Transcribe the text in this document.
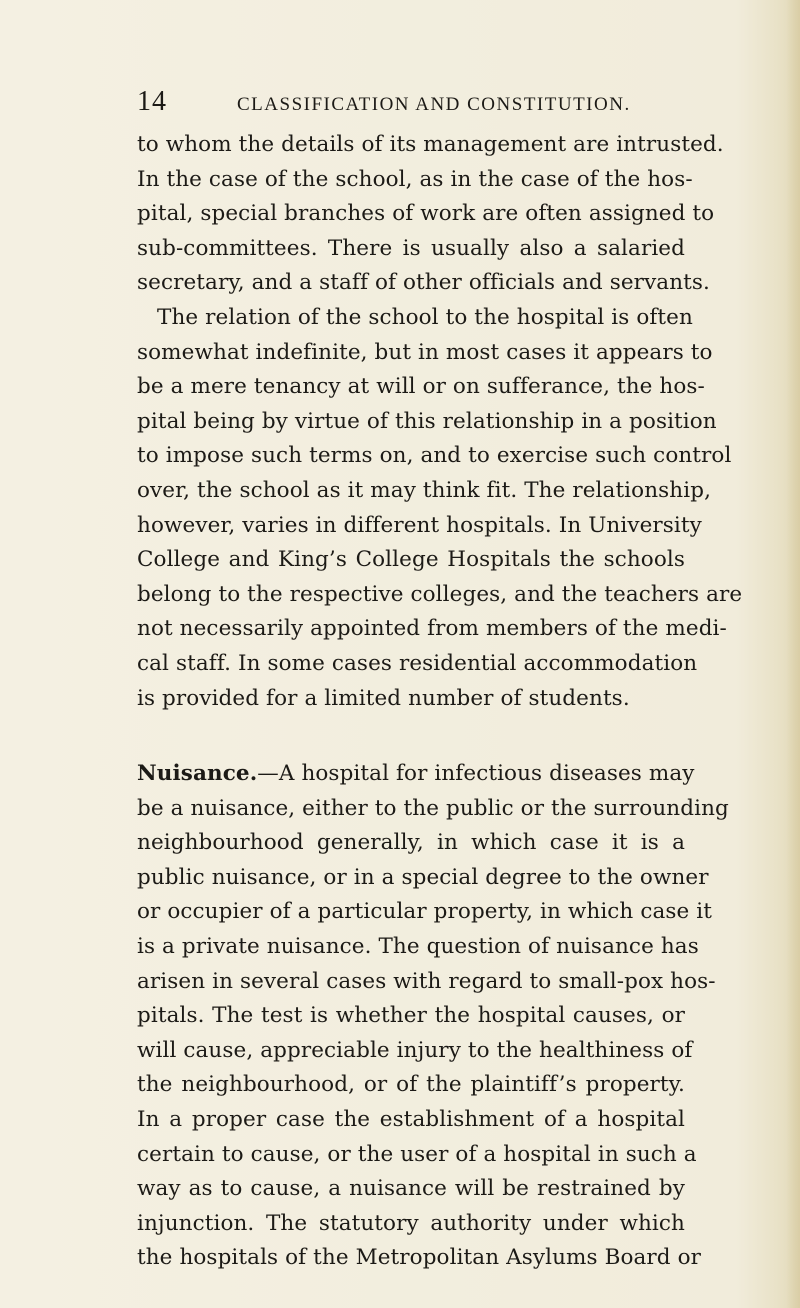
14	CLASSIFICATION AND CONSTITUTION.
to whom the details of its management are intrusted.
In the case of the school, as in the case of the hos-
pital, special branches of work are often assigned to
sub-committees. There is usually also a salaried
secretary, and a staff of other officials and servants.
The relation of the school to the hospital is often
somewhat indefinite, but in most cases it appears to
be a mere tenancy at will or on sufferance, the hos-
pital being by virtue of this relationship in a position
to impose such terms on, and to exercise such control
over, the school as it may think fit. The relationship,
however, varies in different hospitals. In University
College and King’s College Hospitals the schools
belong to the respective colleges, and the teachers are
not necessarily appointed from members of the medi-
cal staff. In some cases residential accommodation
is provided for a limited number of students.
Nuisance.—A hospital for infectious diseases may
be a nuisance, either to the public or the surrounding
neighbourhood generally, in which case it is a
public nuisance, or in a special degree to the owner
or occupier of a particular property, in which case it
is a private nuisance. The question of nuisance has
arisen in several cases with regard to small-pox hos-
pitals. The test is whether the hospital causes, or
will cause, appreciable injury to the healthiness of
the neighbourhood, or of the plaintiff’s property.
In a proper case the establishment of a hospital
certain to cause, or the user of a hospital in such a
way as to cause, a nuisance will be restrained by
injunction. The statutory authority under which
the hospitals of the Metropolitan Asylums Board or
